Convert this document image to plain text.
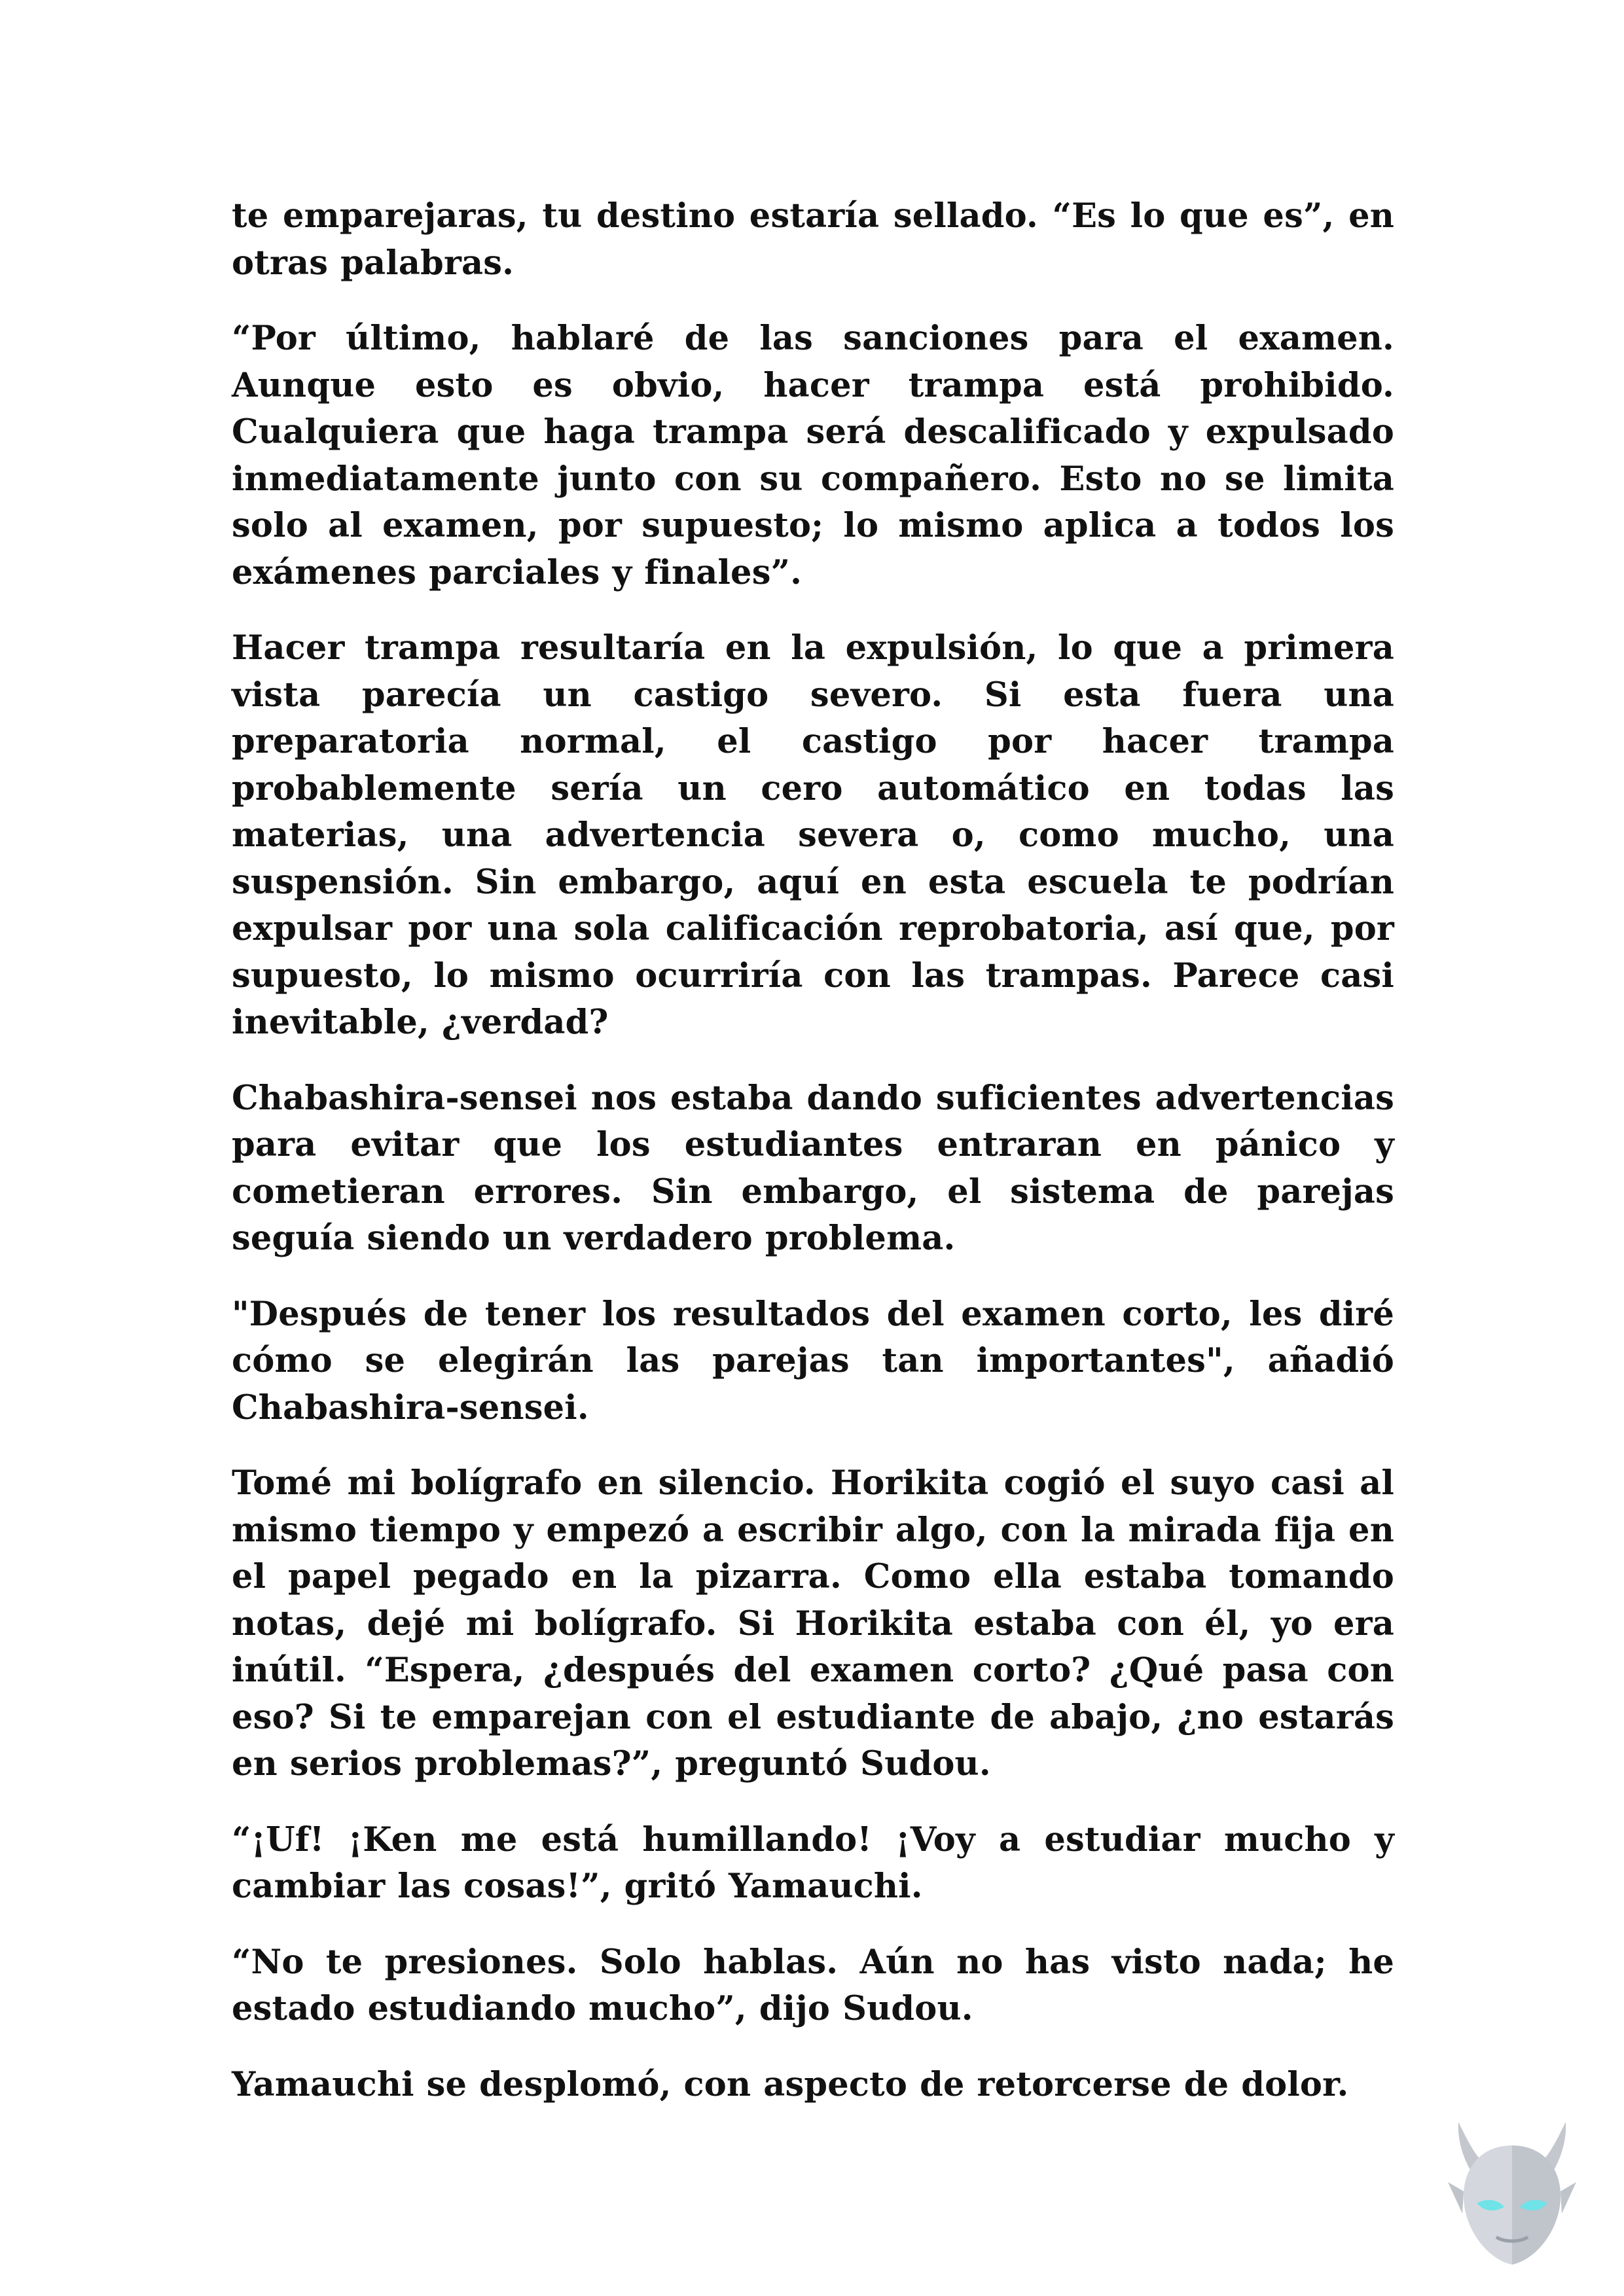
te emparejaras, tu destino estaría sellado. “Es lo que es”, en otras palabras.

“Por último, hablaré de las sanciones para el examen. Aunque esto es obvio, hacer trampa está prohibido. Cualquiera que haga trampa será descalificado y expulsado inmediatamente junto con su compañero. Esto no se limita solo al examen, por supuesto; lo mismo aplica a todos los exámenes parciales y finales”.

Hacer trampa resultaría en la expulsión, lo que a primera vista parecía un castigo severo. Si esta fuera una preparatoria normal, el castigo por hacer trampa probablemente sería un cero automático en todas las materias, una advertencia severa o, como mucho, una suspensión. Sin embargo, aquí en esta escuela te podrían expulsar por una sola calificación reprobatoria, así que, por supuesto, lo mismo ocurriría con las trampas. Parece casi inevitable, ¿verdad?

Chabashira-sensei nos estaba dando suficientes advertencias para evitar que los estudiantes entraran en pánico y cometieran errores. Sin embargo, el sistema de parejas seguía siendo un verdadero problema.

"Después de tener los resultados del examen corto, les diré cómo se elegirán las parejas tan importantes", añadió Chabashira-sensei.

Tomé mi bolígrafo en silencio. Horikita cogió el suyo casi al mismo tiempo y empezó a escribir algo, con la mirada fija en el papel pegado en la pizarra. Como ella estaba tomando notas, dejé mi bolígrafo. Si Horikita estaba con él, yo era inútil. “Espera, ¿después del examen corto? ¿Qué pasa con eso? Si te emparejan con el estudiante de abajo, ¿no estarás en serios problemas?”, preguntó Sudou.

“¡Uf! ¡Ken me está humillando! ¡Voy a estudiar mucho y cambiar las cosas!”, gritó Yamauchi.

“No te presiones. Solo hablas. Aún no has visto nada; he estado estudiando mucho”, dijo Sudou.

Yamauchi se desplomó, con aspecto de retorcerse de dolor.
